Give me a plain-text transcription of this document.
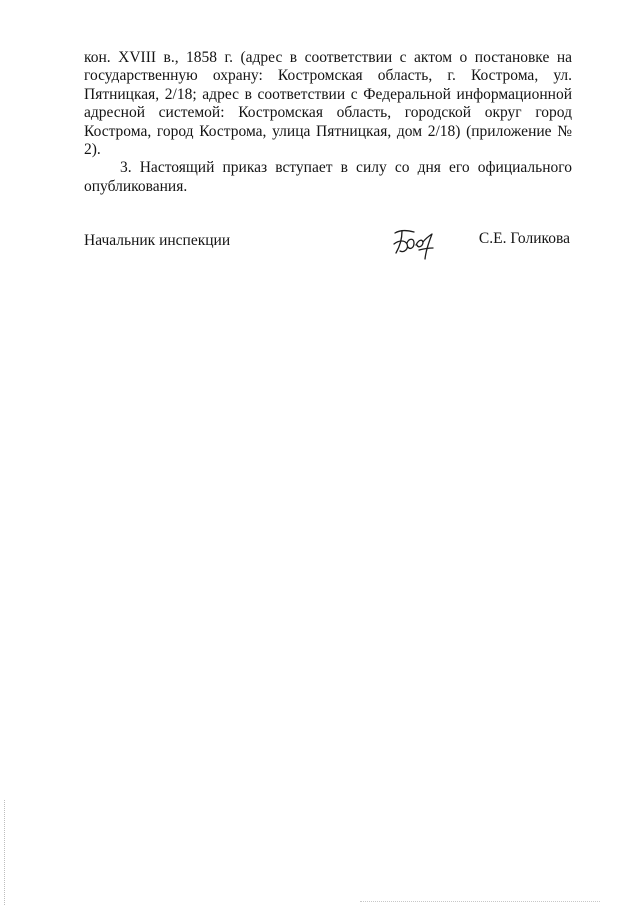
кон. XVIII в., 1858 г. (адрес в соответствии с актом о постановке на государственную охрану: Костромская область, г. Кострома, ул. Пятницкая, 2/18; адрес в соответствии с Федеральной информационной адресной системой: Костромская область, городской округ город Кострома, город Кострома, улица Пятницкая, дом 2/18) (приложение № 2).

3. Настоящий приказ вступает в силу со дня его официального опубликования.

Начальник инспекции	С.Е. Голикова
